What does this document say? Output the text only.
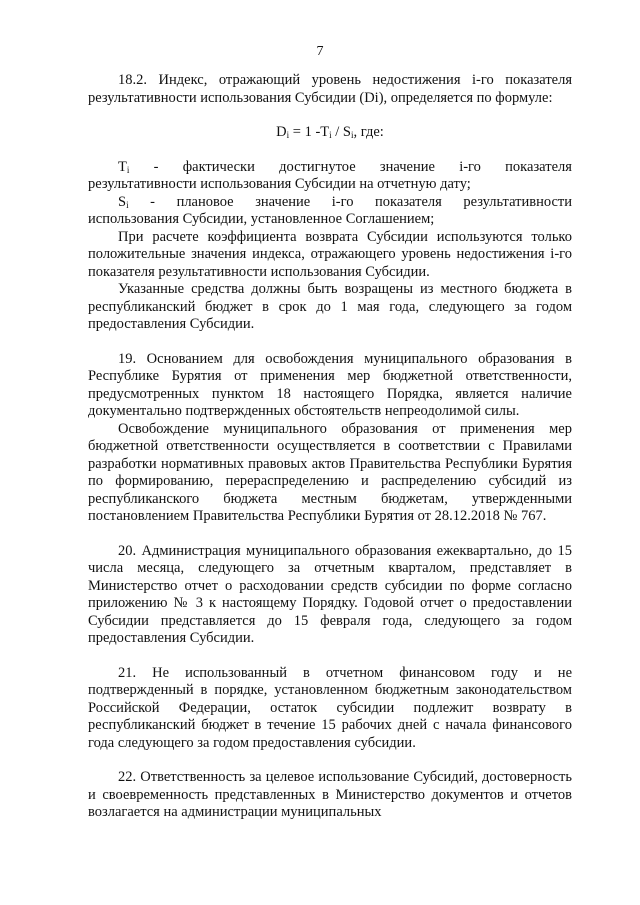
7

18.2. Индекс, отражающий уровень недостижения i-го показателя результативности использования Субсидии (Di), определяется по формуле:

$D_i = 1$ $-T_i / S_i$, где:

$T_i$ - фактически достигнутое значение i-го показателя

результативности использования Субсидии на отчетную дату;

$S_i$ - плановое значение i-го показателя результативности

использования Субсидии, установленное Соглашением;

При расчете коэффициента возврата Субсидии используются только положительные значения индекса, отражающего уровень недостижения i-го показателя результативности использования Субсидии.

Указанные средства должны быть возращены из местного бюджета в республиканский бюджет в срок до 1 мая года, следующего за годом предоставления Субсидии.

19. Основанием для освобождения муниципального образования в Республике Бурятия от применения мер бюджетной ответственности, предусмотренных пунктом 18 настоящего Порядка, является наличие документально подтвержденных обстоятельств непреодолимой силы.

Освобождение муниципального образования от применения мер бюджетной ответственности осуществляется в соответствии с Правилами разработки нормативных правовых актов Правительства Республики Бурятия по формированию, перераспределению и распределению субсидий из республиканского бюджета местным бюджетам, утвержденными постановлением Правительства Республики Бурятия от 28.12.2018 № 767.

20. Администрация муниципального образования ежеквартально, до 15 числа месяца, следующего за отчетным кварталом, представляет в Министерство отчет о расходовании средств субсидии по форме согласно приложению № 3 к настоящему Порядку. Годовой отчет о предоставлении Субсидии представляется до 15 февраля года, следующего за годом предоставления Субсидии.

21. Не использованный в отчетном финансовом году и не подтвержденный в порядке, установленном бюджетным законодательством Российской Федерации, остаток субсидии подлежит возврату в республиканский бюджет в течение 15 рабочих дней с начала финансового года следующего за годом предоставления субсидии.

22. Ответственность за целевое использование Субсидий, достоверность и своевременность представленных в Министерство документов и отчетов возлагается на администрации муниципальных
